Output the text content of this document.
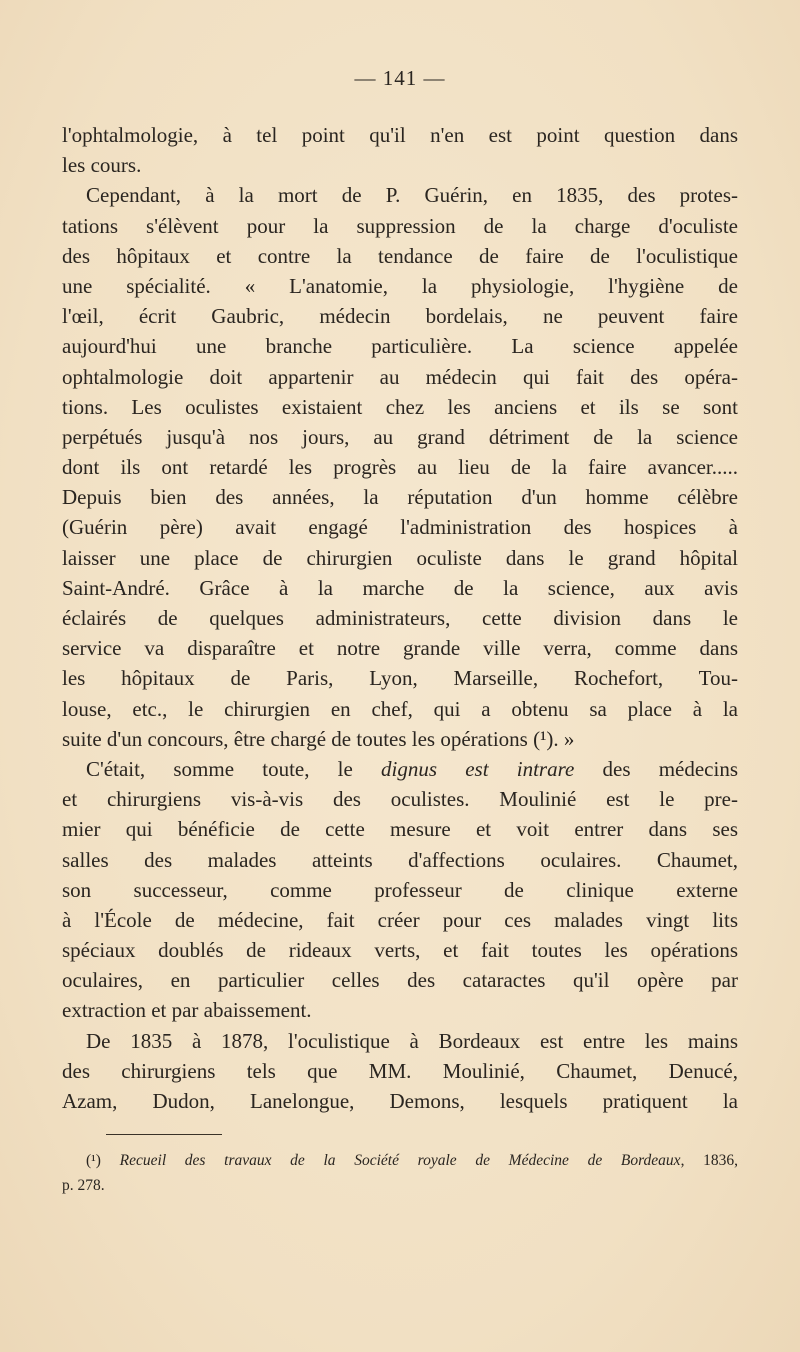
— 141 —
l'ophtalmologie, à tel point qu'il n'en est point question dans
les cours.
Cependant, à la mort de P. Guérin, en 1835, des protes-
tations s'élèvent pour la suppression de la charge d'oculiste
des hôpitaux et contre la tendance de faire de l'oculistique
une spécialité. « L'anatomie, la physiologie, l'hygiène de
l'œil, écrit Gaubric, médecin bordelais, ne peuvent faire
aujourd'hui une branche particulière. La science appelée
ophtalmologie doit appartenir au médecin qui fait des opéra-
tions. Les oculistes existaient chez les anciens et ils se sont
perpétués jusqu'à nos jours, au grand détriment de la science
dont ils ont retardé les progrès au lieu de la faire avancer.....
Depuis bien des années, la réputation d'un homme célèbre
(Guérin père) avait engagé l'administration des hospices à
laisser une place de chirurgien oculiste dans le grand hôpital
Saint-André. Grâce à la marche de la science, aux avis
éclairés de quelques administrateurs, cette division dans le
service va disparaître et notre grande ville verra, comme dans
les hôpitaux de Paris, Lyon, Marseille, Rochefort, Tou-
louse, etc., le chirurgien en chef, qui a obtenu sa place à la
suite d'un concours, être chargé de toutes les opérations (¹). »
C'était, somme toute, le dignus est intrare des médecins
et chirurgiens vis-à-vis des oculistes. Moulinié est le pre-
mier qui bénéficie de cette mesure et voit entrer dans ses
salles des malades atteints d'affections oculaires. Chaumet,
son successeur, comme professeur de clinique externe
à l'École de médecine, fait créer pour ces malades vingt lits
spéciaux doublés de rideaux verts, et fait toutes les opérations
oculaires, en particulier celles des cataractes qu'il opère par
extraction et par abaissement.
De 1835 à 1878, l'oculistique à Bordeaux est entre les mains
des chirurgiens tels que MM. Moulinié, Chaumet, Denucé,
Azam, Dudon, Lanelongue, Demons, lesquels pratiquent la
(¹) Recueil des travaux de la Société royale de Médecine de Bordeaux, 1836,
p. 278.
